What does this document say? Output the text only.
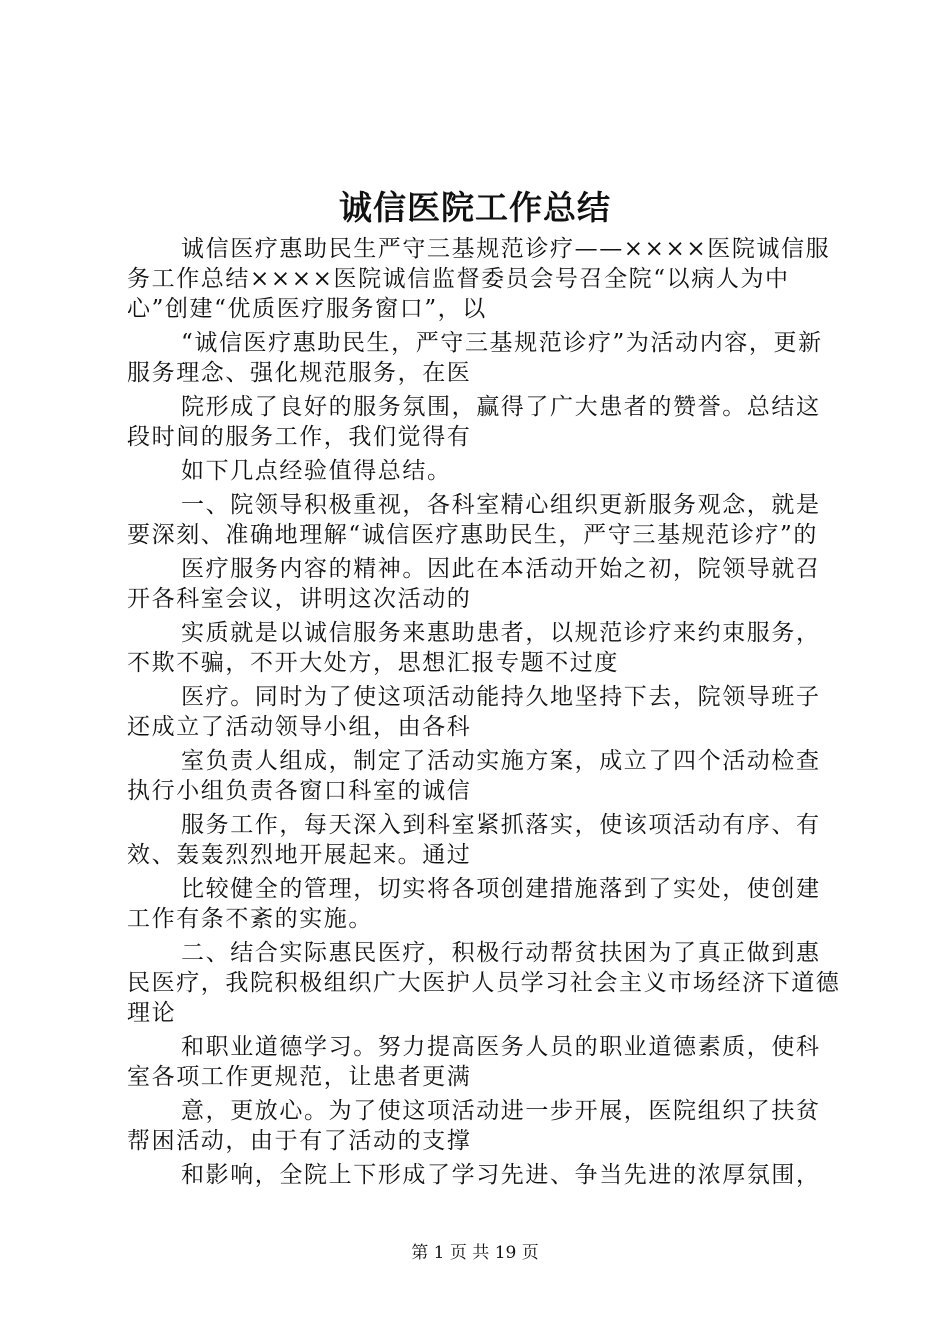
诚信医院工作总结

诚信医疗惠助民生严守三基规范诊疗——××××医院诚信服务工作总结××××医院诚信监督委员会号召全院“以病人为中心”创建“优质医疗服务窗口”，以

“诚信医疗惠助民生，严守三基规范诊疗”为活动内容，更新服务理念、强化规范服务，在医

院形成了良好的服务氛围，赢得了广大患者的赞誉。总结这段时间的服务工作，我们觉得有

如下几点经验值得总结。

一、院领导积极重视，各科室精心组织更新服务观念，就是要深刻、准确地理解“诚信医疗惠助民生，严守三基规范诊疗”的

医疗服务内容的精神。因此在本活动开始之初，院领导就召开各科室会议，讲明这次活动的

实质就是以诚信服务来惠助患者，以规范诊疗来约束服务，不欺不骗，不开大处方，思想汇报专题不过度

医疗。同时为了使这项活动能持久地坚持下去，院领导班子还成立了活动领导小组，由各科

室负责人组成，制定了活动实施方案，成立了四个活动检查执行小组负责各窗口科室的诚信

服务工作，每天深入到科室紧抓落实，使该项活动有序、有效、轰轰烈烈地开展起来。通过

比较健全的管理，切实将各项创建措施落到了实处，使创建工作有条不紊的实施。

二、结合实际惠民医疗，积极行动帮贫扶困为了真正做到惠民医疗，我院积极组织广大医护人员学习社会主义市场经济下道德理论

和职业道德学习。努力提高医务人员的职业道德素质，使科室各项工作更规范，让患者更满

意，更放心。为了使这项活动进一步开展，医院组织了扶贫帮困活动，由于有了活动的支撑

和影响，全院上下形成了学习先进、争当先进的浓厚氛围，

第 1 页 共 19 页
